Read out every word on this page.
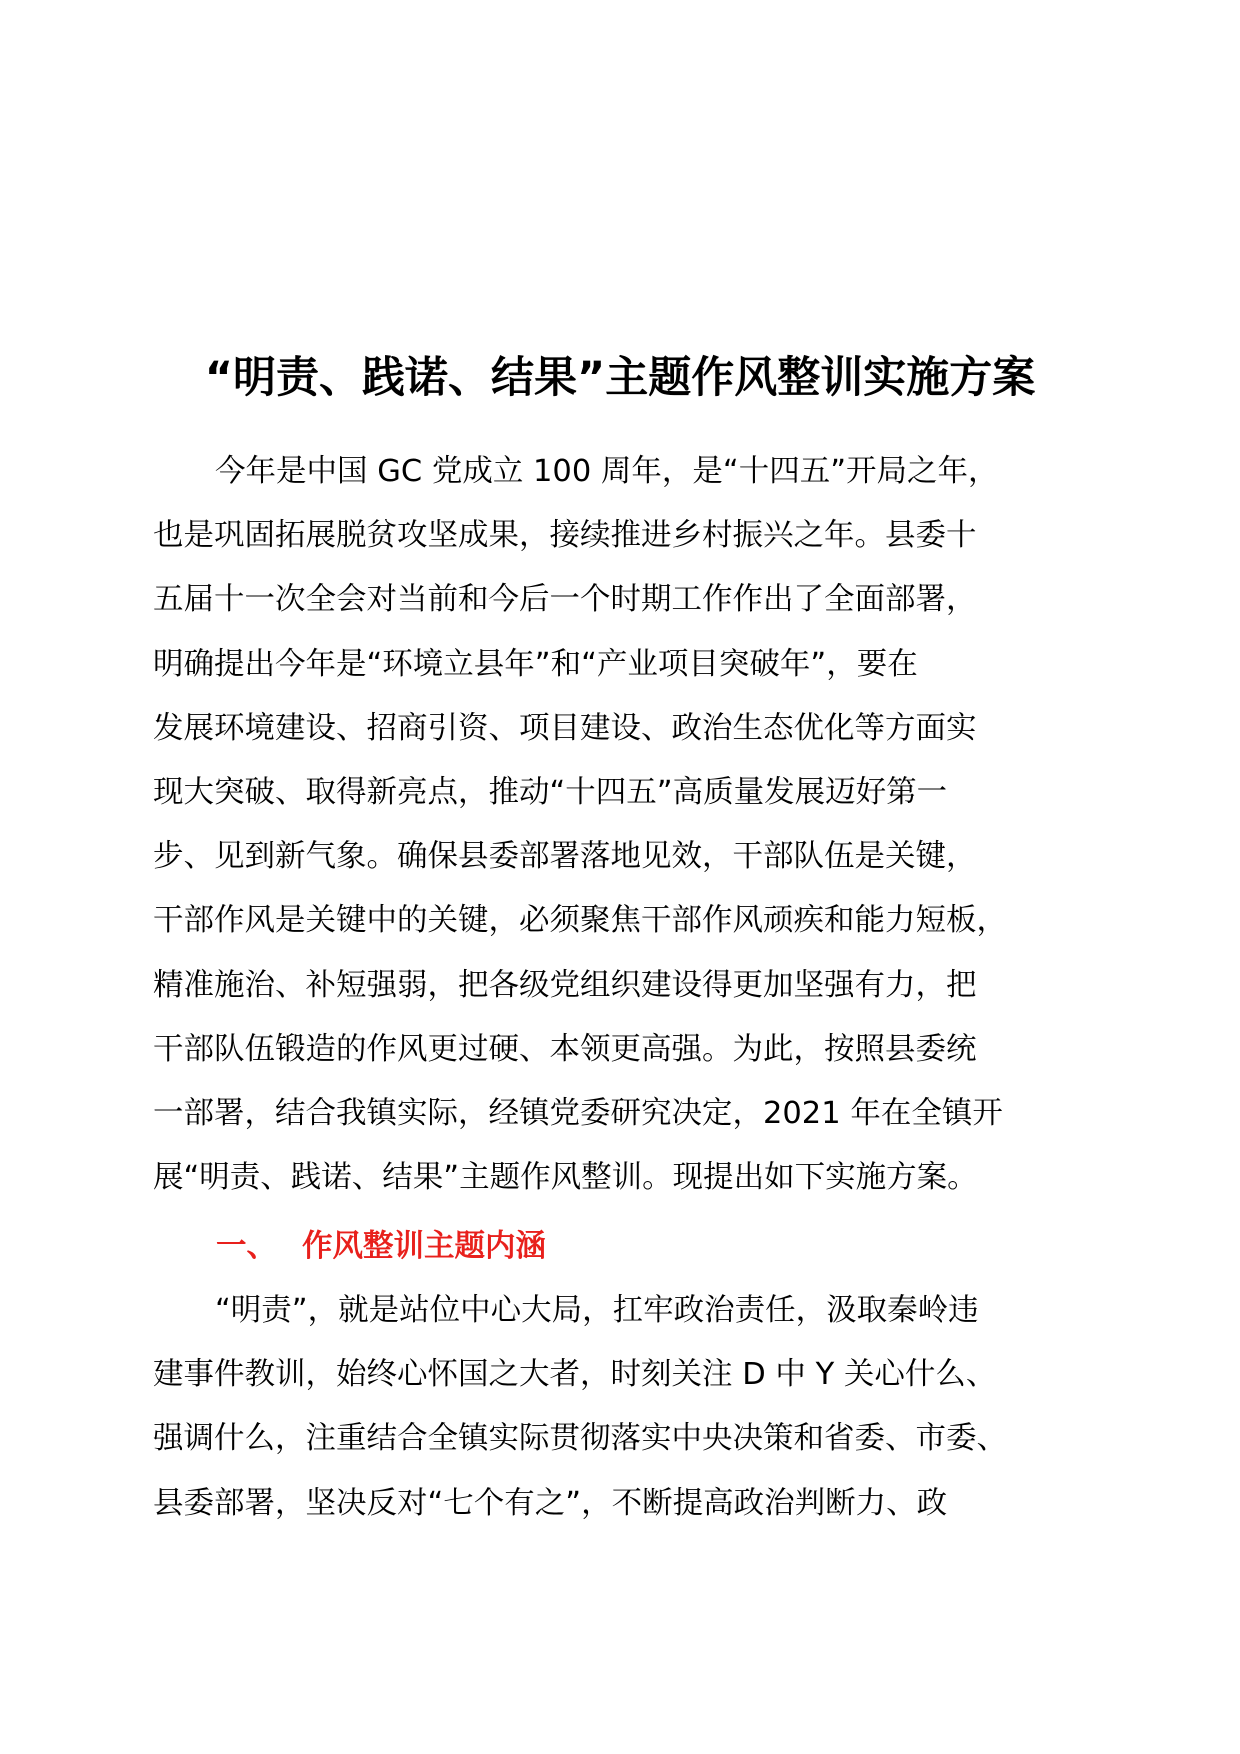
“明责、践诺、结果”主题作风整训实施方案
今年是中国 GC 党成立 100 周年，是“十四五”开局之年，
也是巩固拓展脱贫攻坚成果，接续推进乡村振兴之年。县委十
五届十一次全会对当前和今后一个时期工作作出了全面部署，
明确提出今年是“环境立县年”和“产业项目突破年”，要在
发展环境建设、招商引资、项目建设、政治生态优化等方面实
现大突破、取得新亮点，推动“十四五”高质量发展迈好第一
步、见到新气象。确保县委部署落地见效，干部队伍是关键，
干部作风是关键中的关键，必须聚焦干部作风顽疾和能力短板，
精准施治、补短强弱，把各级党组织建设得更加坚强有力，把
干部队伍锻造的作风更过硬、本领更高强。为此，按照县委统
一部署，结合我镇实际，经镇党委研究决定，2021 年在全镇开
展“明责、践诺、结果”主题作风整训。现提出如下实施方案。
一、 作风整训主题内涵
“明责”，就是站位中心大局，扛牢政治责任，汲取秦岭违
建事件教训，始终心怀国之大者，时刻关注 D 中 Y 关心什么、
强调什么，注重结合全镇实际贯彻落实中央决策和省委、市委、
县委部署，坚决反对“七个有之”，不断提高政治判断力、政
